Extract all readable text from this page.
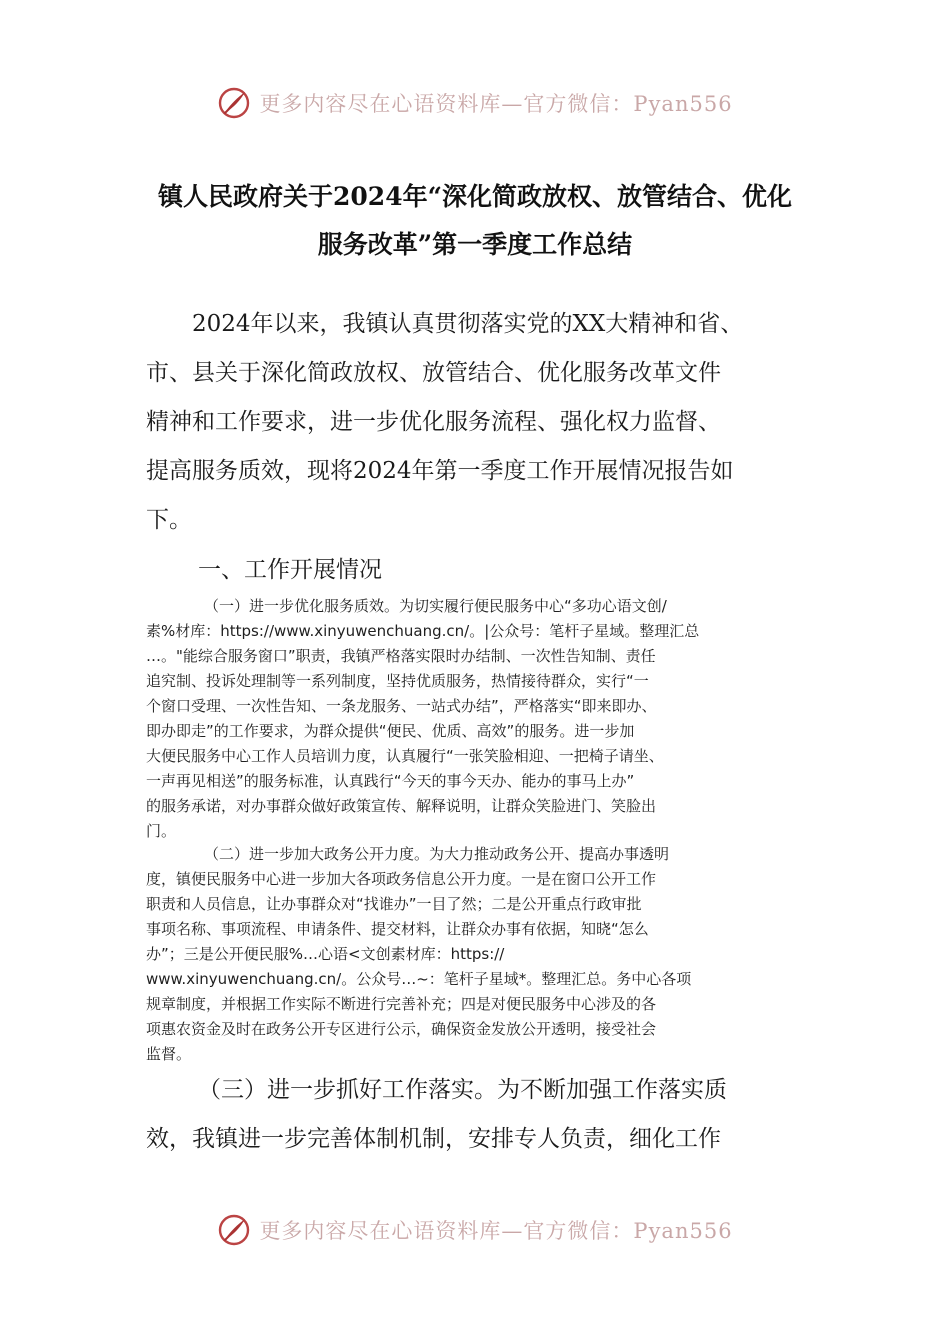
更多内容尽在心语资料库—官方微信：Pyan556
镇人民政府关于2024年“深化简政放权、放管结合、优化
服务改革”第一季度工作总结
2024年以来，我镇认真贯彻落实党的XX大精神和省、
市、县关于深化简政放权、放管结合、优化服务改革文件
精神和工作要求，进一步优化服务流程、强化权力监督、
提高服务质效，现将2024年第一季度工作开展情况报告如
下。
一、工作开展情况
（一）进一步优化服务质效。为切实履行便民服务中心“多功心语文创/
素%材库：https://www.xinyuwenchuang.cn/。|公众号：笔杆子星域。整理汇总
…。"能综合服务窗口”职责，我镇严格落实限时办结制、一次性告知制、责任
追究制、投诉处理制等一系列制度，坚持优质服务，热情接待群众，实行“一
个窗口受理、一次性告知、一条龙服务、一站式办结”，严格落实“即来即办、
即办即走”的工作要求，为群众提供“便民、优质、高效”的服务。进一步加
大便民服务中心工作人员培训力度，认真履行“一张笑脸相迎、一把椅子请坐、
一声再见相送”的服务标准，认真践行“今天的事今天办、能办的事马上办”
的服务承诺，对办事群众做好政策宣传、解释说明，让群众笑脸进门、笑脸出
门。
（二）进一步加大政务公开力度。为大力推动政务公开、提高办事透明
度，镇便民服务中心进一步加大各项政务信息公开力度。一是在窗口公开工作
职责和人员信息，让办事群众对“找谁办”一目了然；二是公开重点行政审批
事项名称、事项流程、申请条件、提交材料，让群众办事有依据，知晓“怎么
办”；三是公开便民服%…心语<文创素材库：https://
www.xinyuwenchuang.cn/。公众号…~：笔杆子星域*。整理汇总。务中心各项
规章制度，并根据工作实际不断进行完善补充；四是对便民服务中心涉及的各
项惠农资金及时在政务公开专区进行公示，确保资金发放公开透明，接受社会
监督。
（三）进一步抓好工作落实。为不断加强工作落实质
效，我镇进一步完善体制机制，安排专人负责，细化工作
更多内容尽在心语资料库—官方微信：Pyan556
